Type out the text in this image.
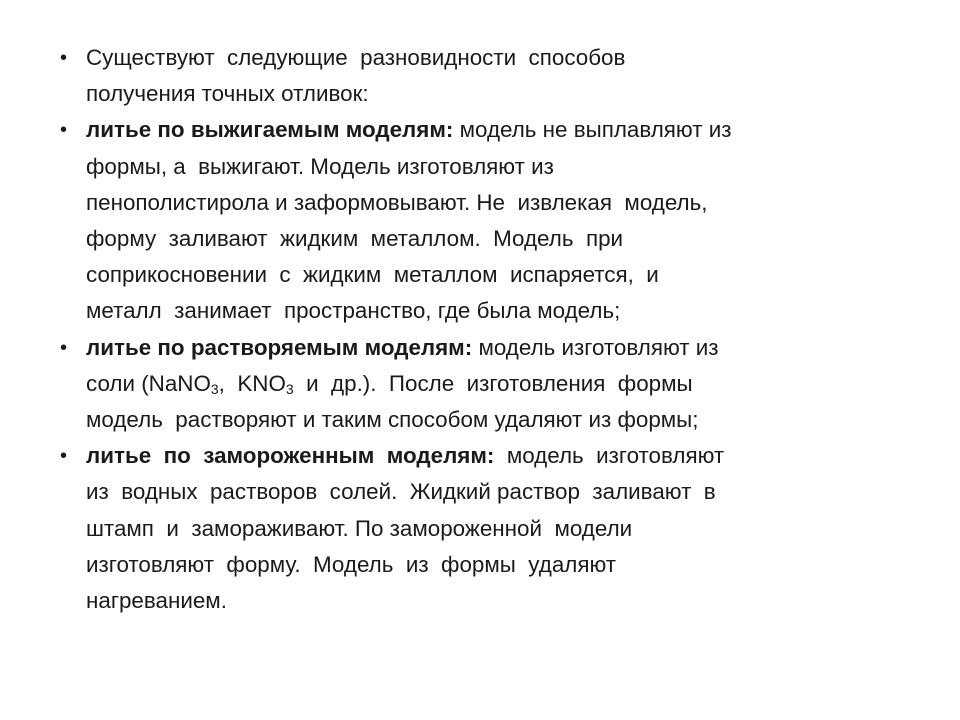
• Существуют  следующие  разновидности  способов
получения точных отливок:
• литье по выжигаемым моделям: модель не выплавляют из
формы, а  выжигают. Модель изготовляют из
пенополистирола и заформовывают. Не  извлекая  модель,
форму  заливают  жидким  металлом.  Модель  при
соприкосновении  с  жидким  металлом  испаряется,  и
металл  занимает  пространство, где была модель;
• литье по растворяемым моделям: модель изготовляют из
соли (NaNO$_3$,  $KNO_3$  и  др.).  После  изготовления  формы
модель  растворяют и таким способом удаляют из формы;
• литье  по  замороженным  моделям:  модель  изготовляют
из  водных  растворов  солей.  Жидкий раствор  заливают  в
штамп  и  замораживают. По замороженной  модели
изготовляют  форму.  Модель  из  формы  удаляют
нагреванием.
